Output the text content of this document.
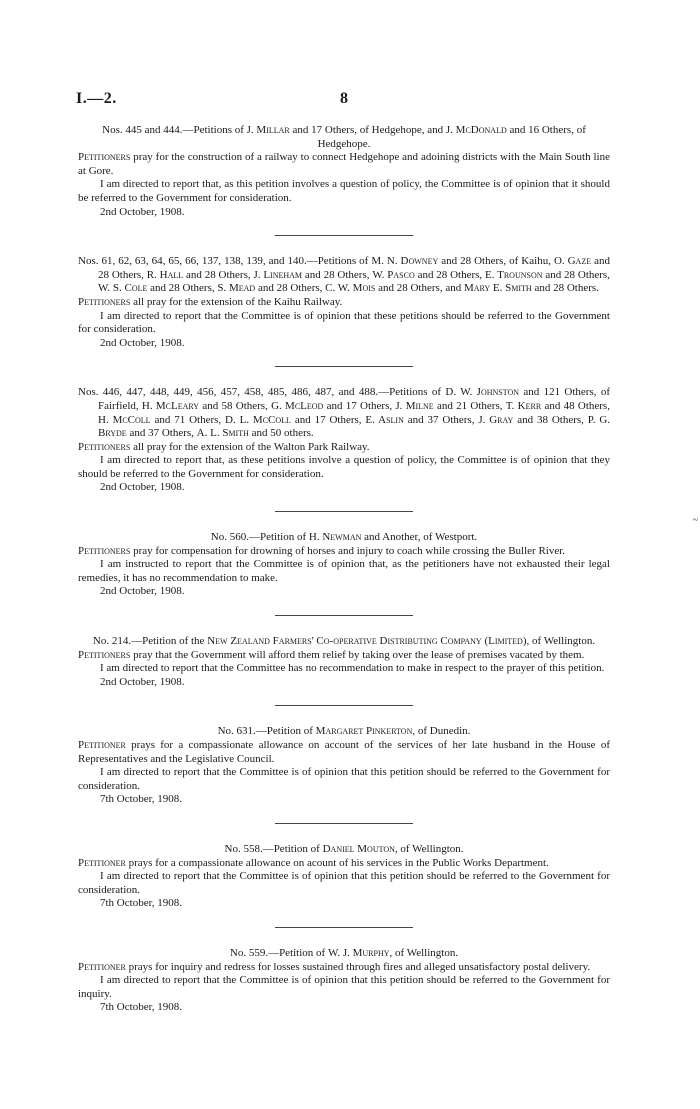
I.—2.	8

Nos. 445 and 444.—Petitions of J. Millar and 17 Others, of Hedgehope, and J. McDonald and 16 Others, of Hedgehope.

Petitioners pray for the construction of a railway to connect Hedgehope and adoining districts with the Main South line at Gore.

I am directed to report that, as this petition involves a question of policy, the Committee is of opinion that it should be referred to the Government for consideration.

2nd October, 1908.

Nos. 61, 62, 63, 64, 65, 66, 137, 138, 139, and 140.—Petitions of M. N. Downey and 28 Others, of Kaihu, O. Gaze and 28 Others, R. Hall and 28 Others, J. Lineham and 28 Others, W. Pasco and 28 Others, E. Trounson and 28 Others, W. S. Cole and 28 Others, S. Mead and 28 Others, C. W. Mois and 28 Others, and Mary E. Smith and 28 Others.

Petitioners all pray for the extension of the Kaihu Railway.

I am directed to report that the Committee is of opinion that these petitions should be referred to the Government for consideration.

2nd October, 1908.

Nos. 446, 447, 448, 449, 456, 457, 458, 485, 486, 487, and 488.—Petitions of D. W. Johnston and 121 Others, of Fairfield, H. McLeary and 58 Others, G. McLeod and 17 Others, J. Milne and 21 Others, T. Kerr and 48 Others, H. McColl and 71 Others, D. L. McColl and 17 Others, E. Aslin and 37 Others, J. Gray and 38 Others, P. G. Bryde and 37 Others, A. L. Smith and 50 others.

Petitioners all pray for the extension of the Walton Park Railway.

I am directed to report that, as these petitions involve a question of policy, the Committee is of opinion that they should be referred to the Government for consideration.

2nd October, 1908.

No. 560.—Petition of H. Newman and Another, of Westport.

Petitioners pray for compensation for drowning of horses and injury to coach while crossing the Buller River.

I am instructed to report that the Committee is of opinion that, as the petitioners have not exhausted their legal remedies, it has no recommendation to make.

2nd October, 1908.

No. 214.—Petition of the New Zealand Farmers' Co-operative Distributing Company (Limited), of Wellington.

Petitioners pray that the Government will afford them relief by taking over the lease of premises vacated by them.

I am directed to report that the Committee has no recommendation to make in respect to the prayer of this petition.

2nd October, 1908.

No. 631.—Petition of Margaret Pinkerton, of Dunedin.

Petitioner prays for a compassionate allowance on account of the services of her late husband in the House of Representatives and the Legislative Council.

I am directed to report that the Committee is of opinion that this petition should be referred to the Government for consideration.

7th October, 1908.

No. 558.—Petition of Daniel Mouton, of Wellington.

Petitioner prays for a compassionate allowance on acount of his services in the Public Works Department.

I am directed to report that the Committee is of opinion that this petition should be referred to the Government for consideration.

7th October, 1908.

No. 559.—Petition of W. J. Murphy, of Wellington.

Petitioner prays for inquiry and redress for losses sustained through fires and alleged unsatisfactory postal delivery.

I am directed to report that the Committee is of opinion that this petition should be referred to the Government for inquiry.

7th October, 1908.

~
